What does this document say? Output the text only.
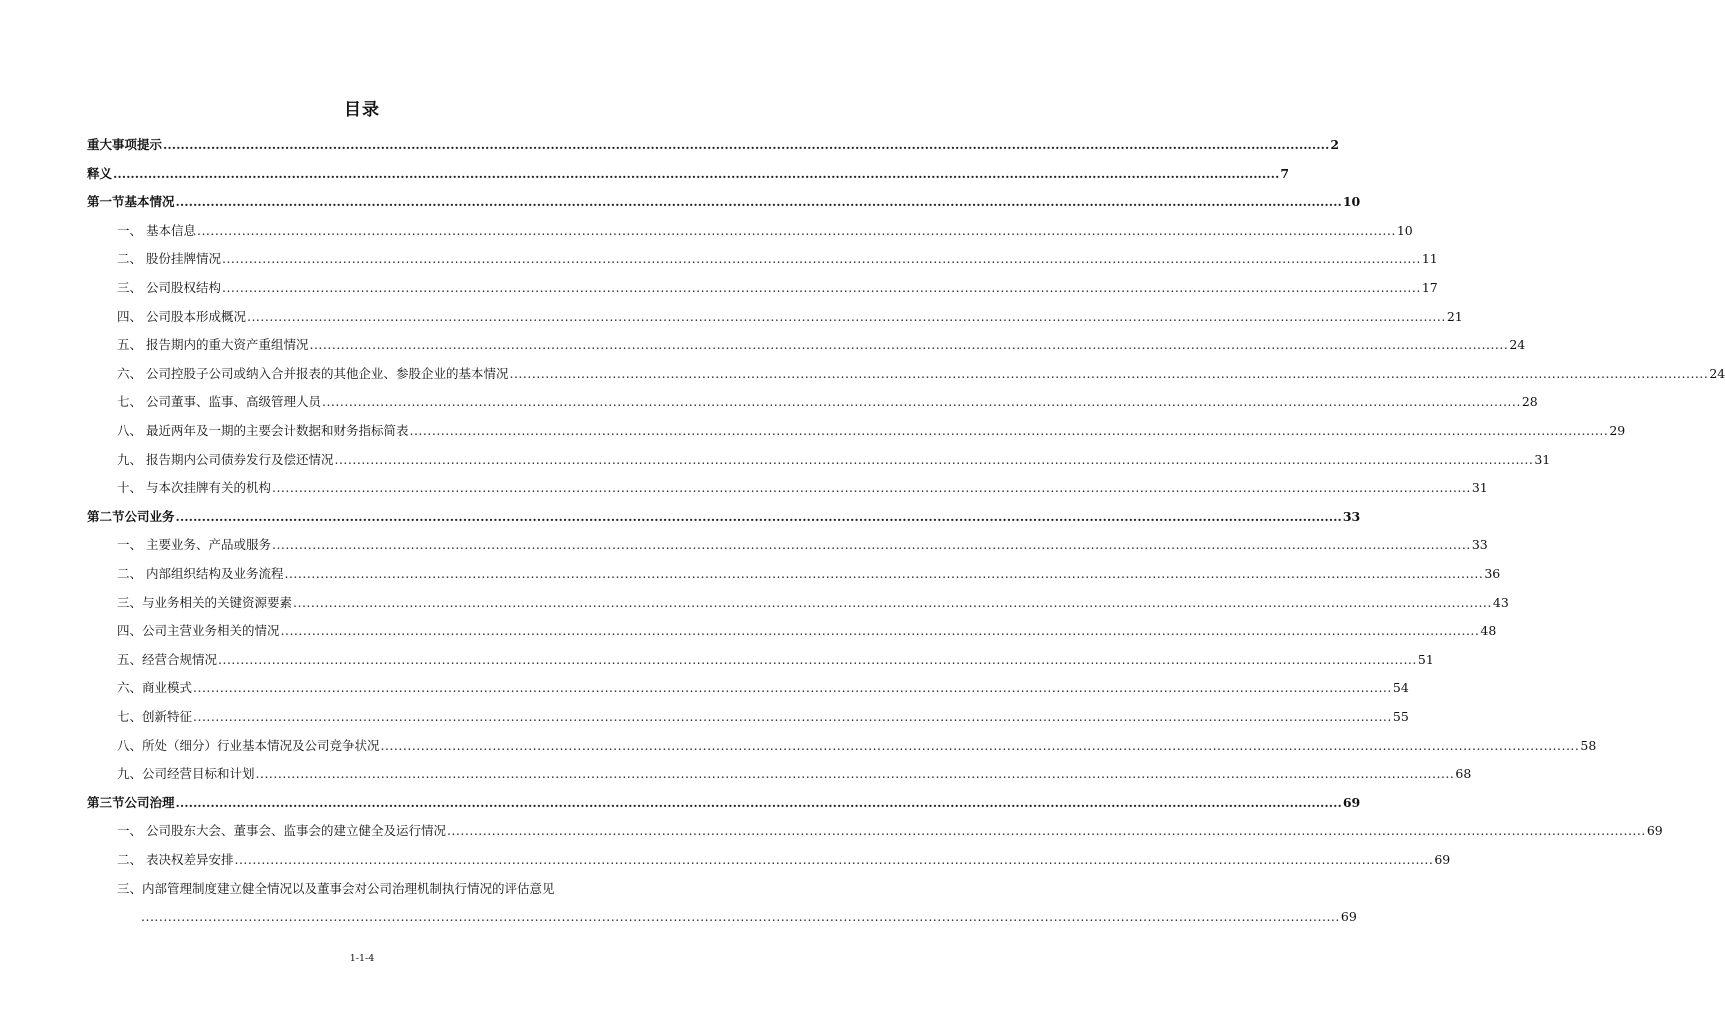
目录
重大事项提示 ............................................................................................................................................................................................................................................................................ 2
释义 ............................................................................................................................................................................................................................................................................ 7
第一节 基本情况 ............................................................................................................................................................................................................................................................................ 10
一、 基本信息 ............................................................................................................................................................................................................................................................................ 10
二、 股份挂牌情况 ............................................................................................................................................................................................................................................................................ 11
三、 公司股权结构 ............................................................................................................................................................................................................................................................................ 17
四、 公司股本形成概况 ............................................................................................................................................................................................................................................................................ 21
五、 报告期内的重大资产重组情况 ............................................................................................................................................................................................................................................................................ 24
六、 公司控股子公司或纳入合并报表的其他企业、参股企业的基本情况 ............................................................................................................................................................................................................................................................................ 24
七、 公司董事、监事、高级管理人员 ............................................................................................................................................................................................................................................................................ 28
八、 最近两年及一期的主要会计数据和财务指标简表 ............................................................................................................................................................................................................................................................................ 29
九、 报告期内公司债券发行及偿还情况 ............................................................................................................................................................................................................................................................................ 31
十、 与本次挂牌有关的机构 ............................................................................................................................................................................................................................................................................ 31
第二节 公司业务 ............................................................................................................................................................................................................................................................................ 33
一、 主要业务、产品或服务 ............................................................................................................................................................................................................................................................................ 33
二、 内部组织结构及业务流程 ............................................................................................................................................................................................................................................................................ 36
三、与业务相关的关键资源要素 ............................................................................................................................................................................................................................................................................ 43
四、公司主营业务相关的情况 ............................................................................................................................................................................................................................................................................ 48
五、经营合规情况 ............................................................................................................................................................................................................................................................................ 51
六、商业模式 ............................................................................................................................................................................................................................................................................ 54
七、创新特征 ............................................................................................................................................................................................................................................................................ 55
八、所处（细分）行业基本情况及公司竞争状况 ............................................................................................................................................................................................................................................................................ 58
九、公司经营目标和计划 ............................................................................................................................................................................................................................................................................ 68
第三节 公司治理 ............................................................................................................................................................................................................................................................................ 69
一、 公司股东大会、董事会、监事会的建立健全及运行情况 ............................................................................................................................................................................................................................................................................ 69
二、 表决权差异安排 ............................................................................................................................................................................................................................................................................ 69
三、内部管理制度建立健全情况以及董事会对公司治理机制执行情况的评估意见
............................................................................................................................................................................................................................................................................ 69
1-1-4
